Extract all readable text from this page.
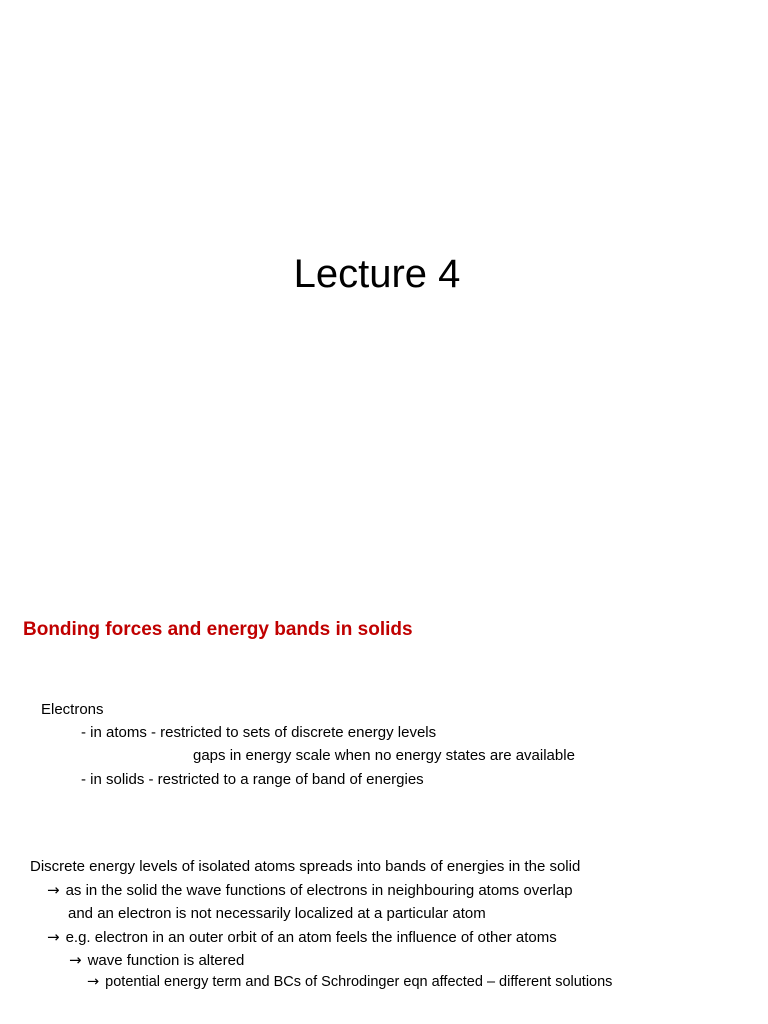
Lecture 4
Bonding forces and energy bands in solids

Electrons

- in atoms - restricted to sets of discrete energy levels

gaps in energy scale when no energy states are available

- in solids - restricted to a range of band of energies

Discrete energy levels of isolated atoms spreads into bands of energies in the solid

→ as in the solid the wave functions of electrons in neighbouring atoms overlap

and an electron is not necessarily localized at a particular atom

→ e.g. electron in an outer orbit of an atom feels the influence of other atoms

→ wave function is altered

→ potential energy term and BCs of Schrodinger eqn affected – different solutions
